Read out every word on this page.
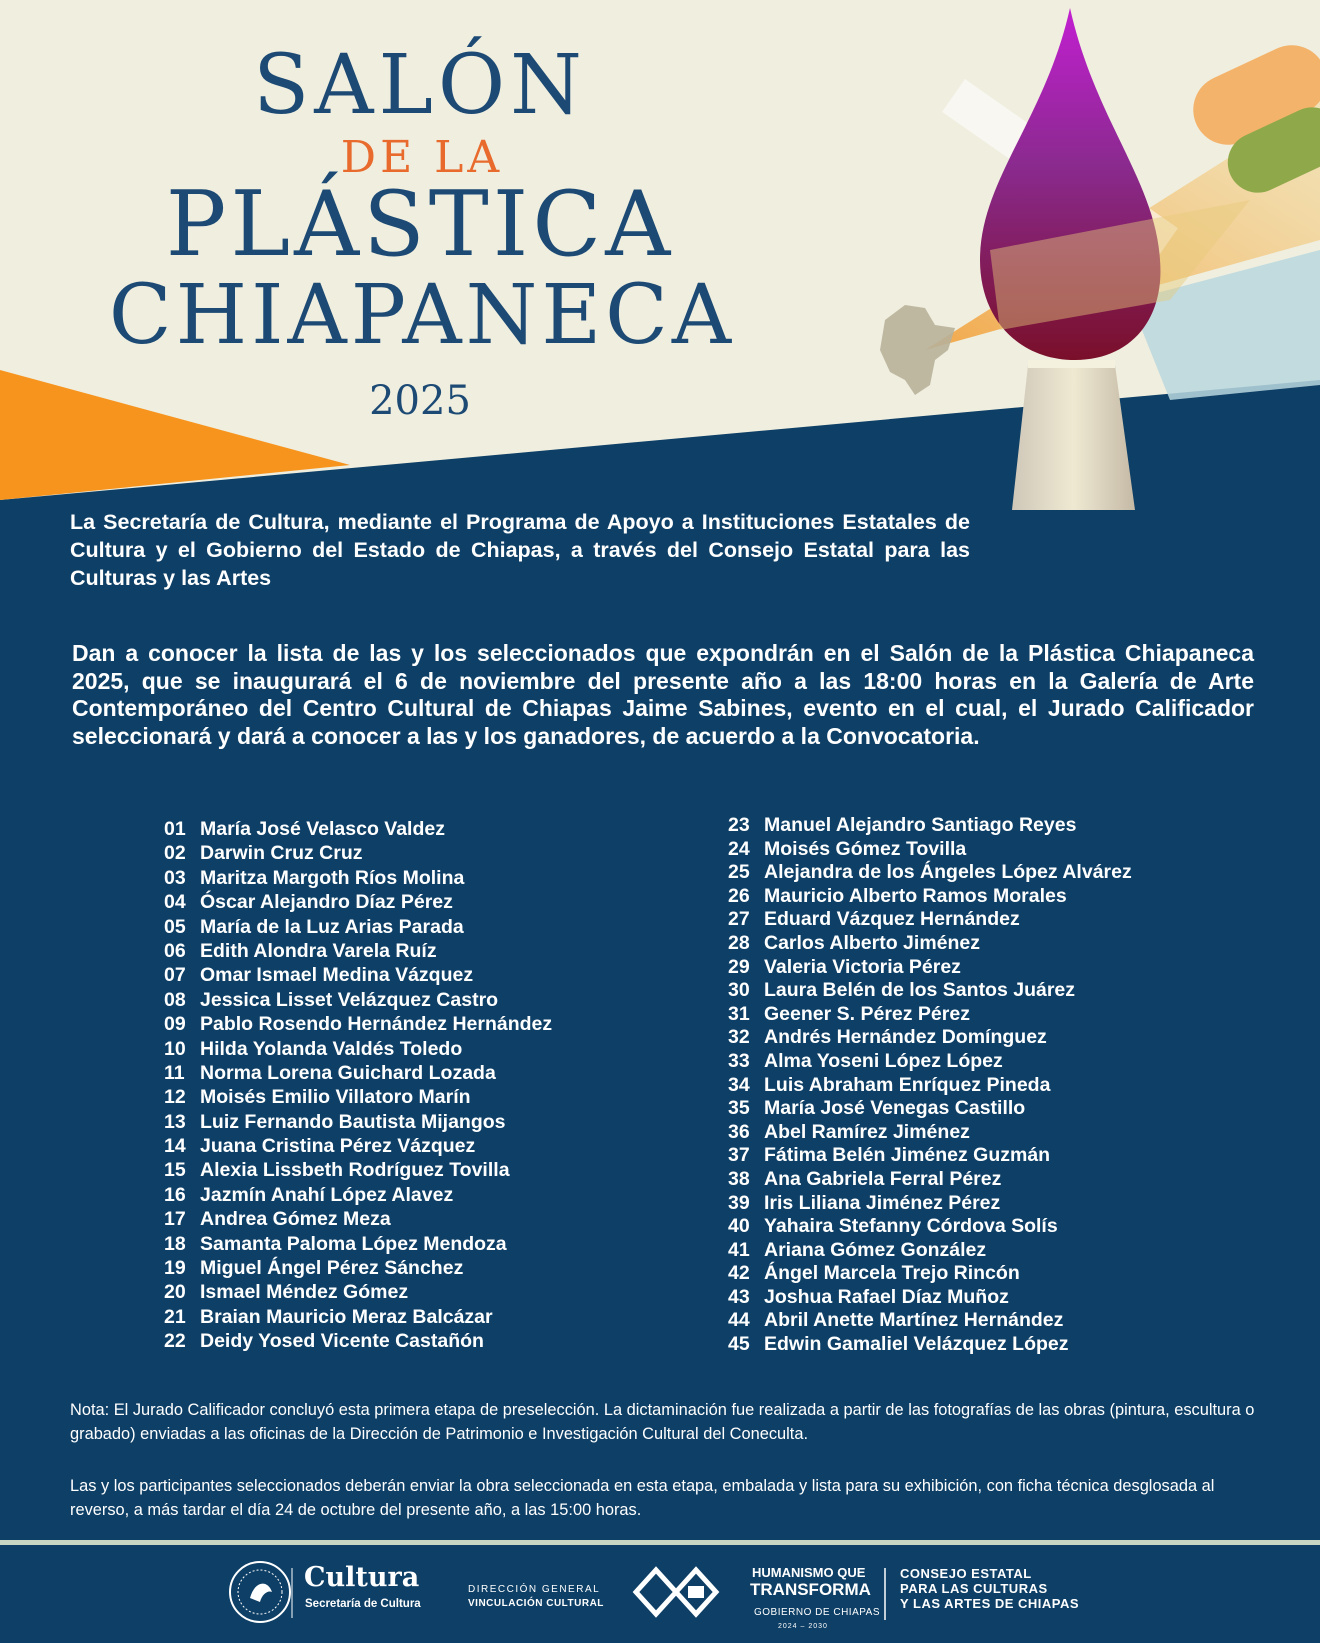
SALÓN
DE LA
PLÁSTICA
CHIAPANECA
2025
La Secretaría de Cultura, mediante el Programa de Apoyo a Instituciones Estatales de Cultura y el Gobierno del Estado de Chiapas, a través del Consejo Estatal para las Culturas y las Artes
Dan a conocer la lista de las y los seleccionados que expondrán en el Salón de la Plástica Chiapaneca 2025, que se inaugurará el 6 de noviembre del presente año a las 18:00 horas en la Galería de Arte Contemporáneo del Centro Cultural de Chiapas Jaime Sabines, evento en el cual, el Jurado Calificador seleccionará y dará a conocer a las y los ganadores, de acuerdo a la Convocatoria.
01 María José Velasco Valdez
02 Darwin Cruz Cruz
03 Maritza Margoth Ríos Molina
04 Óscar Alejandro Díaz Pérez
05 María de la Luz Arias Parada
06 Edith Alondra Varela Ruíz
07 Omar Ismael Medina Vázquez
08 Jessica Lisset Velázquez Castro
09 Pablo Rosendo Hernández Hernández
10 Hilda Yolanda Valdés Toledo
11 Norma Lorena Guichard Lozada
12 Moisés Emilio Villatoro Marín
13 Luiz Fernando Bautista Mijangos
14 Juana Cristina Pérez Vázquez
15 Alexia Lissbeth Rodríguez Tovilla
16 Jazmín Anahí López Alavez
17 Andrea Gómez Meza
18 Samanta Paloma López Mendoza
19 Miguel Ángel Pérez Sánchez
20 Ismael Méndez Gómez
21 Braian Mauricio Meraz Balcázar
22 Deidy Yosed Vicente Castañón
23 Manuel Alejandro Santiago Reyes
24 Moisés Gómez Tovilla
25 Alejandra de los Ángeles López Alvárez
26 Mauricio Alberto Ramos Morales
27 Eduard Vázquez Hernández
28 Carlos Alberto Jiménez
29 Valeria Victoria Pérez
30 Laura Belén de los Santos Juárez
31 Geener S. Pérez Pérez
32 Andrés Hernández Domínguez
33 Alma Yoseni López López
34 Luis Abraham Enríquez Pineda
35 María José Venegas Castillo
36 Abel Ramírez Jiménez
37 Fátima Belén Jiménez Guzmán
38 Ana Gabriela Ferral Pérez
39 Iris Liliana Jiménez Pérez
40 Yahaira Stefanny Córdova Solís
41 Ariana Gómez González
42 Ángel Marcela Trejo Rincón
43 Joshua Rafael Díaz Muñoz
44 Abril Anette Martínez Hernández
45 Edwin Gamaliel Velázquez López
Nota: El Jurado Calificador concluyó esta primera etapa de preselección. La dictaminación fue realizada a partir de las fotografías de las obras (pintura, escultura o grabado) enviadas a las oficinas de la Dirección de Patrimonio e Investigación Cultural del Coneculta.
Las y los participantes seleccionados deberán enviar la obra seleccionada en esta etapa, embalada y lista para su exhibición, con ficha técnica desglosada al reverso, a más tardar el día 24 de octubre del presente año, a las 15:00 horas.
Cultura
Secretaría de Cultura
DIRECCIÓN GENERAL
VINCULACIÓN CULTURAL
HUMANISMO QUE
TRANSFORMA
GOBIERNO DE CHIAPAS
2024 – 2030
CONSEJO ESTATAL
PARA LAS CULTURAS
Y LAS ARTES DE CHIAPAS
